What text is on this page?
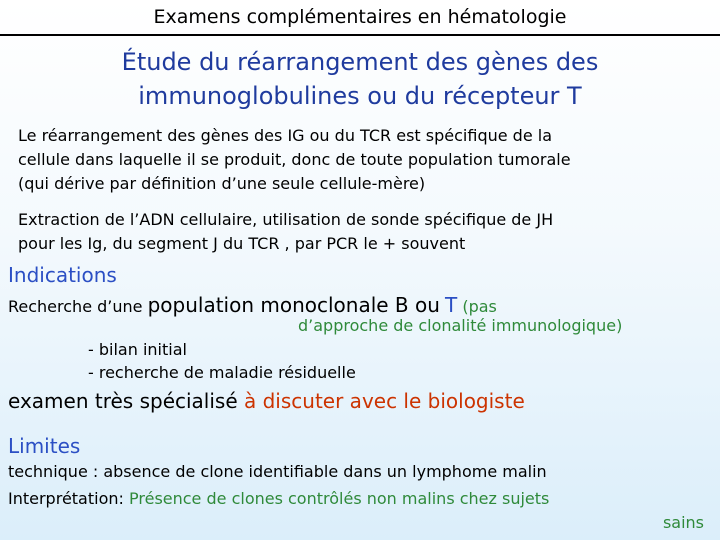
Examens complémentaires en hématologie
Étude du réarrangement des gènes des
immunoglobulines ou du récepteur T
Le réarrangement des gènes des IG ou du TCR est spécifique de la
cellule dans laquelle il se produit, donc de toute population tumorale
(qui dérive par définition d’une seule cellule-mère)
Extraction de l’ADN cellulaire, utilisation de sonde spécifique de JH
pour les Ig, du segment J du TCR , par PCR le + souvent
Indications
Recherche d’une population monoclonale B ou T (pas
d’approche de clonalité immunologique)
- bilan initial
- recherche de maladie résiduelle
examen très spécialisé à discuter avec le biologiste
Limites
technique : absence de clone identifiable dans un lymphome malin
Interprétation: Présence de clones contrôlés non malins chez sujets
sains
